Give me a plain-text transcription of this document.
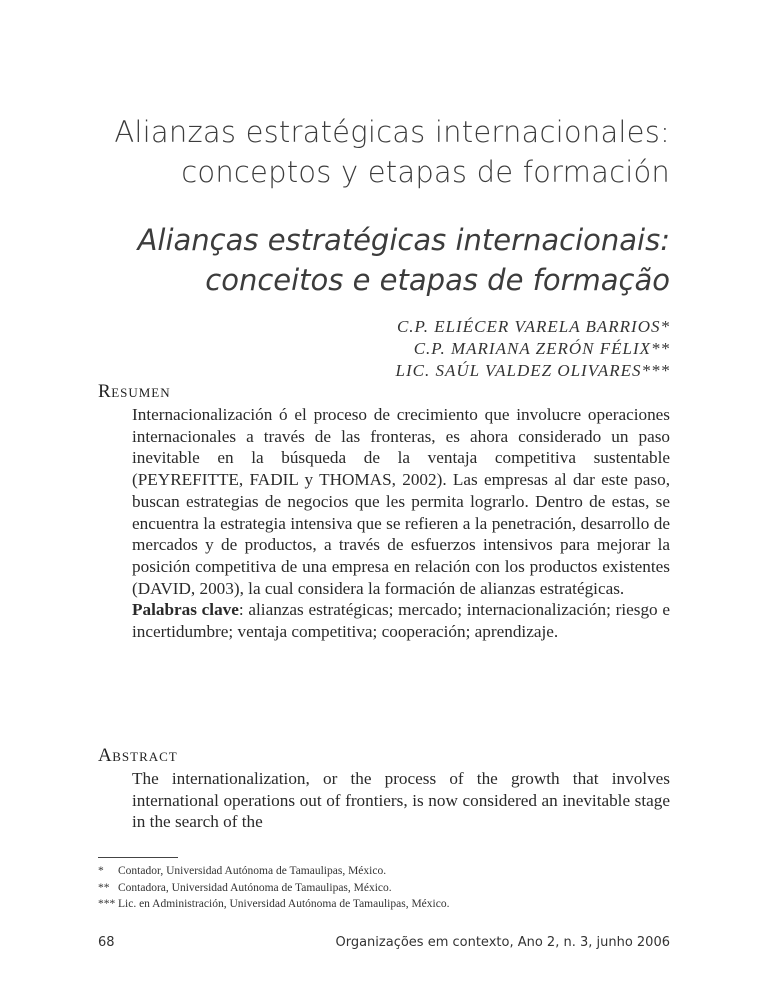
Alianzas estratégicas internacionales:
conceptos y etapas de formación
Alianças estratégicas internacionais:
conceitos e etapas de formação
C.P. ELIÉCER VARELA BARRIOS*
C.P. MARIANA ZERÓN FÉLIX**
LIC. SAÚL VALDEZ OLIVARES***
RESUMEN
Internacionalización ó el proceso de crecimiento que involucre operaciones internacionales a través de las fronteras, es ahora considerado un paso inevitable en la búsqueda de la ventaja competitiva sustentable (PEYREFITTE, FADIL y THOMAS, 2002). Las empresas al dar este paso, buscan estrategias de negocios que les permita lograrlo. Dentro de estas, se encuentra la estrategia intensiva que se refieren a la penetración, desarrollo de mercados y de productos, a través de esfuerzos intensivos para mejorar la posición competitiva de una empresa en relación con los productos existentes (DAVID, 2003), la cual considera la formación de alianzas estratégicas.
Palabras clave: alianzas estratégicas; mercado; internacionalización; riesgo e incertidumbre; ventaja competitiva; cooperación; aprendizaje.
ABSTRACT
The internationalization, or the process of the growth that involves international operations out of frontiers, is now considered an inevitable stage in the search of the
* Contador, Universidad Autónoma de Tamaulipas, México.
** Contadora, Universidad Autónoma de Tamaulipas, México.
*** Lic. en Administración, Universidad Autónoma de Tamaulipas, México.
68	Organizações em contexto, Ano 2, n. 3, junho 2006
